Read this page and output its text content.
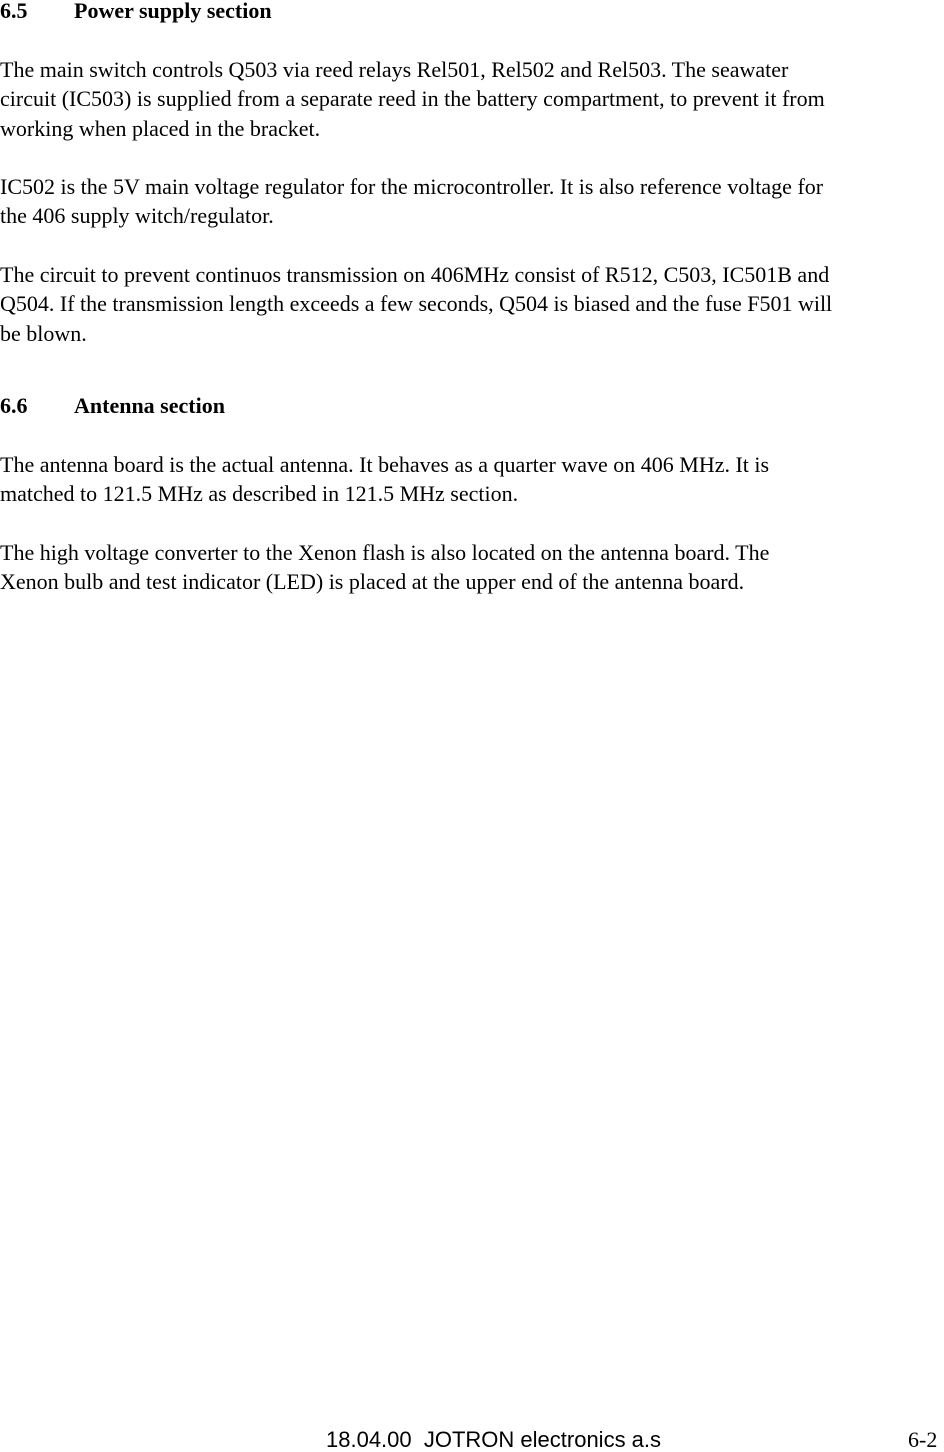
6.5 Power supply section
The main switch controls Q503 via reed relays Rel501, Rel502 and Rel503. The seawater
circuit (IC503) is supplied from a separate reed in the battery compartment, to prevent it from
working when placed in the bracket.
IC502 is the 5V main voltage regulator for the microcontroller. It is also reference voltage for
the 406 supply witch/regulator.
The circuit to prevent continuos transmission on 406MHz consist of R512, C503, IC501B and
Q504. If the transmission length exceeds a few seconds, Q504 is biased and the fuse F501 will
be blown.
6.6 Antenna section
The antenna board is the actual antenna. It behaves as a quarter wave on 406 MHz. It is
matched to 121.5 MHz as described in 121.5 MHz section.
The high voltage converter to the Xenon flash is also located on the antenna board. The
Xenon bulb and test indicator (LED) is placed at the upper end of the antenna board.
18.04.00  JOTRON electronics a.s	6-2
